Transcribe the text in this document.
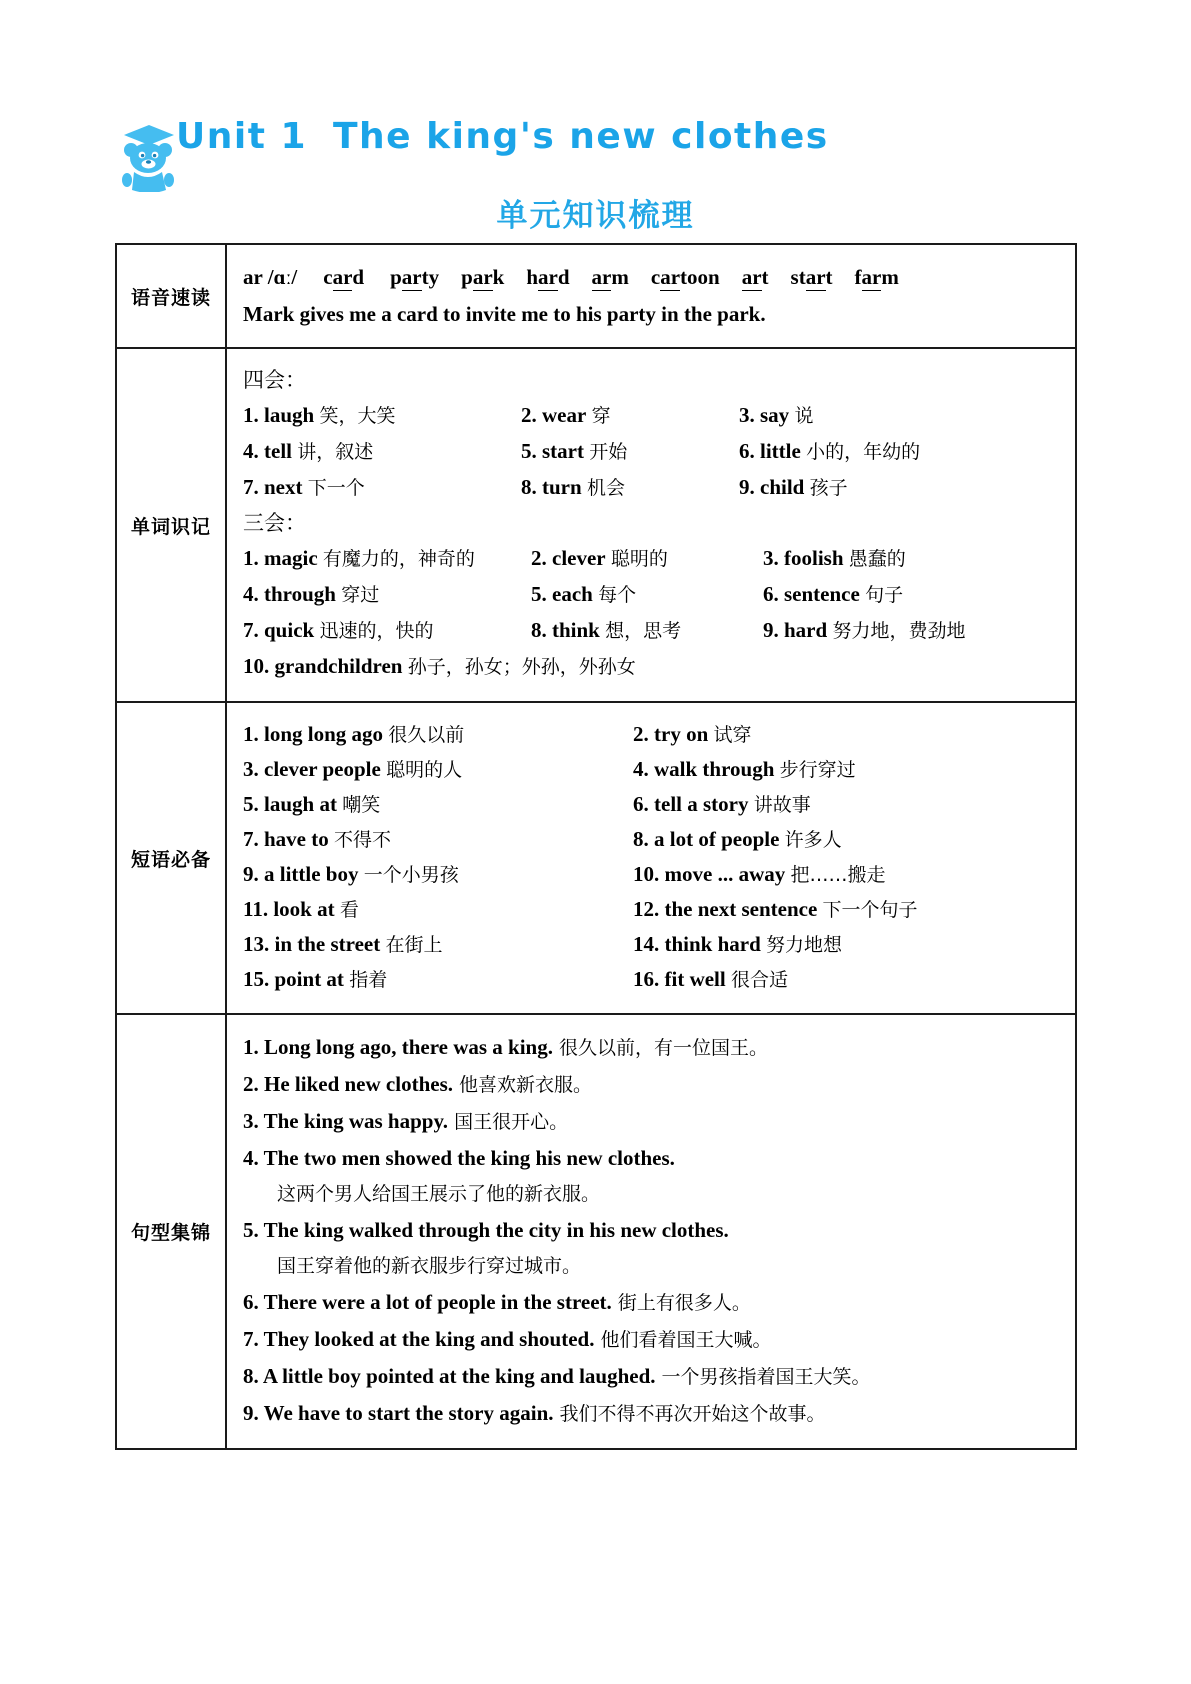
Unit 1 The king's new clothes
单元知识梳理
语音速读
ar /ɑː/ card party park hard arm cartoon art start farm
Mark gives me a card to invite me to his party in the park.
单词识记
四会：
1. laugh 笑，大笑	2. wear 穿	3. say 说
4. tell 讲，叙述	5. start 开始	6. little 小的，年幼的
7. next 下一个	8. turn 机会	9. child 孩子
三会：
1. magic 有魔力的，神奇的	2. clever 聪明的	3. foolish 愚蠢的
4. through 穿过	5. each 每个	6. sentence 句子
7. quick 迅速的，快的	8. think 想，思考	9. hard 努力地，费劲地
10. grandchildren 孙子，孙女；外孙，外孙女
短语必备
1. long long ago 很久以前	2. try on 试穿
3. clever people 聪明的人	4. walk through 步行穿过
5. laugh at 嘲笑	6. tell a story 讲故事
7. have to 不得不	8. a lot of people 许多人
9. a little boy 一个小男孩	10. move ... away 把……搬走
11. look at 看	12. the next sentence 下一个句子
13. in the street 在街上	14. think hard 努力地想
15. point at 指着	16. fit well 很合适
句型集锦
1. Long long ago, there was a king. 很久以前，有一位国王。
2. He liked new clothes. 他喜欢新衣服。
3. The king was happy. 国王很开心。
4. The two men showed the king his new clothes.
这两个男人给国王展示了他的新衣服。
5. The king walked through the city in his new clothes.
国王穿着他的新衣服步行穿过城市。
6. There were a lot of people in the street. 街上有很多人。
7. They looked at the king and shouted. 他们看着国王大喊。
8. A little boy pointed at the king and laughed. 一个男孩指着国王大笑。
9. We have to start the story again. 我们不得不再次开始这个故事。
